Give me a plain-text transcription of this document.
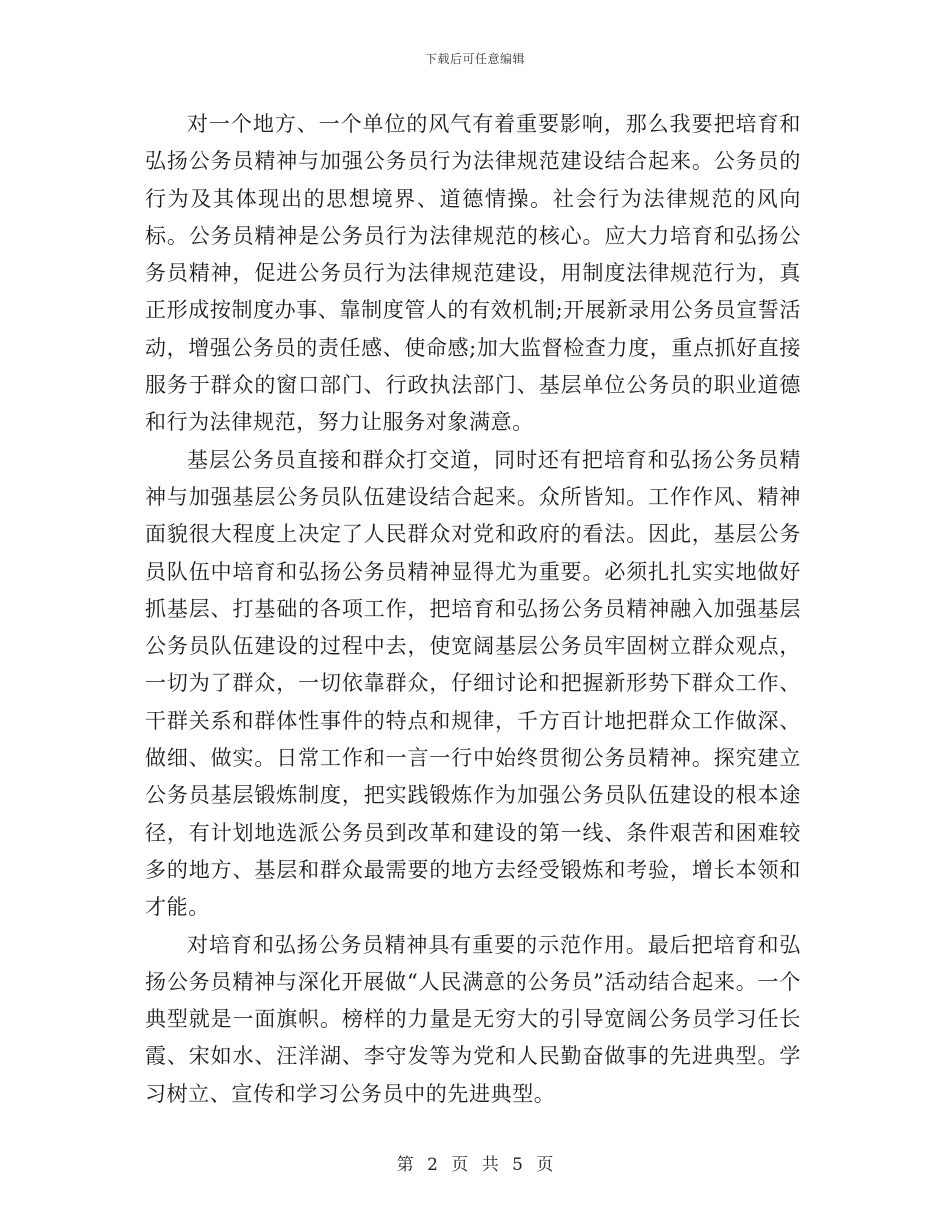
下载后可任意编辑

对一个地方、一个单位的风气有着重要影响，那么我要把培育和弘扬公务员精神与加强公务员行为法律规范建设结合起来。公务员的行为及其体现出的思想境界、道德情操。社会行为法律规范的风向标。公务员精神是公务员行为法律规范的核心。应大力培育和弘扬公务员精神，促进公务员行为法律规范建设，用制度法律规范行为，真正形成按制度办事、靠制度管人的有效机制;开展新录用公务员宣誓活动，增强公务员的责任感、使命感;加大监督检查力度，重点抓好直接服务于群众的窗口部门、行政执法部门、基层单位公务员的职业道德和行为法律规范，努力让服务对象满意。

基层公务员直接和群众打交道，同时还有把培育和弘扬公务员精神与加强基层公务员队伍建设结合起来。众所皆知。工作作风、精神面貌很大程度上决定了人民群众对党和政府的看法。因此，基层公务员队伍中培育和弘扬公务员精神显得尤为重要。必须扎扎实实地做好抓基层、打基础的各项工作，把培育和弘扬公务员精神融入加强基层公务员队伍建设的过程中去，使宽阔基层公务员牢固树立群众观点，一切为了群众，一切依靠群众，仔细讨论和把握新形势下群众工作、干群关系和群体性事件的特点和规律，千方百计地把群众工作做深、做细、做实。日常工作和一言一行中始终贯彻公务员精神。探究建立公务员基层锻炼制度，把实践锻炼作为加强公务员队伍建设的根本途径，有计划地选派公务员到改革和建设的第一线、条件艰苦和困难较多的地方、基层和群众最需要的地方去经受锻炼和考验，增长本领和才能。

对培育和弘扬公务员精神具有重要的示范作用。最后把培育和弘扬公务员精神与深化开展做“人民满意的公务员”活动结合起来。一个典型就是一面旗帜。榜样的力量是无穷大的引导宽阔公务员学习任长霞、宋如水、汪洋湖、李守发等为党和人民勤奋做事的先进典型。学习树立、宣传和学习公务员中的先进典型。

第 2 页 共 5 页
